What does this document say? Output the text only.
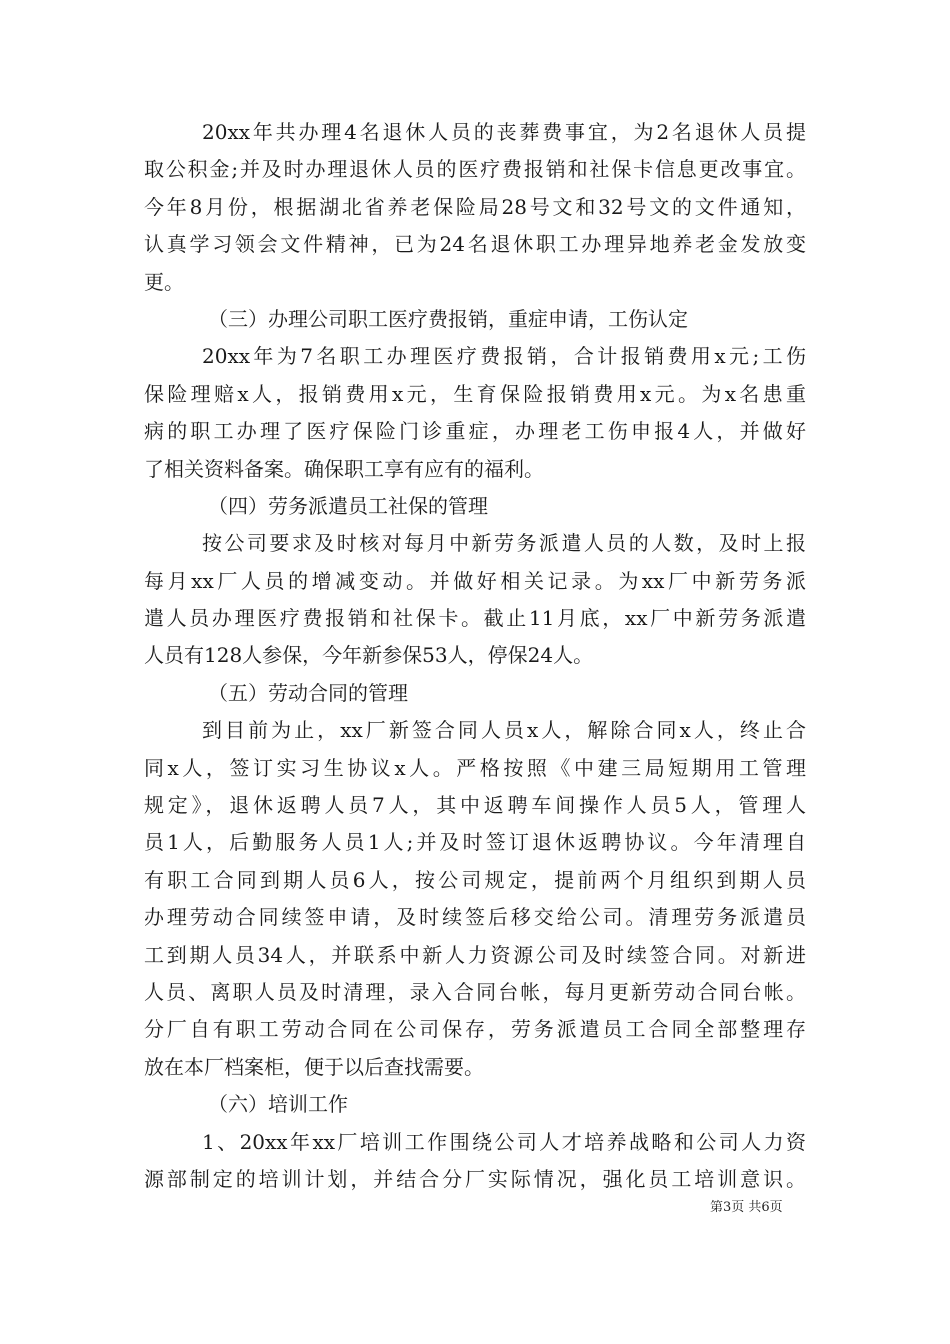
20xx年共办理4名退休人员的丧葬费事宜，为2名退休人员提
取公积金;并及时办理退休人员的医疗费报销和社保卡信息更改事宜。
今年8月份，根据湖北省养老保险局28号文和32号文的文件通知，
认真学习领会文件精神，已为24名退休职工办理异地养老金发放变
更。
（三）办理公司职工医疗费报销，重症申请，工伤认定
20xx年为7名职工办理医疗费报销，合计报销费用x元;工伤
保险理赔x人，报销费用x元，生育保险报销费用x元。为x名患重
病的职工办理了医疗保险门诊重症，办理老工伤申报4人，并做好
了相关资料备案。确保职工享有应有的福利。
（四）劳务派遣员工社保的管理
按公司要求及时核对每月中新劳务派遣人员的人数，及时上报
每月xx厂人员的增减变动。并做好相关记录。为xx厂中新劳务派
遣人员办理医疗费报销和社保卡。截止11月底，xx厂中新劳务派遣
人员有128人参保，今年新参保53人，停保24人。
（五）劳动合同的管理
到目前为止，xx厂新签合同人员x人，解除合同x人，终止合
同x人，签订实习生协议x人。严格按照《中建三局短期用工管理
规定》，退休返聘人员7人，其中返聘车间操作人员5人，管理人
员1人，后勤服务人员1人;并及时签订退休返聘协议。今年清理自
有职工合同到期人员6人，按公司规定，提前两个月组织到期人员
办理劳动合同续签申请，及时续签后移交给公司。清理劳务派遣员
工到期人员34人，并联系中新人力资源公司及时续签合同。对新进
人员、离职人员及时清理，录入合同台帐，每月更新劳动合同台帐。
分厂自有职工劳动合同在公司保存，劳务派遣员工合同全部整理存
放在本厂档案柜，便于以后查找需要。
（六）培训工作
1、20xx年xx厂培训工作围绕公司人才培养战略和公司人力资
源部制定的培训计划，并结合分厂实际情况，强化员工培训意识。
第3页 共6页
